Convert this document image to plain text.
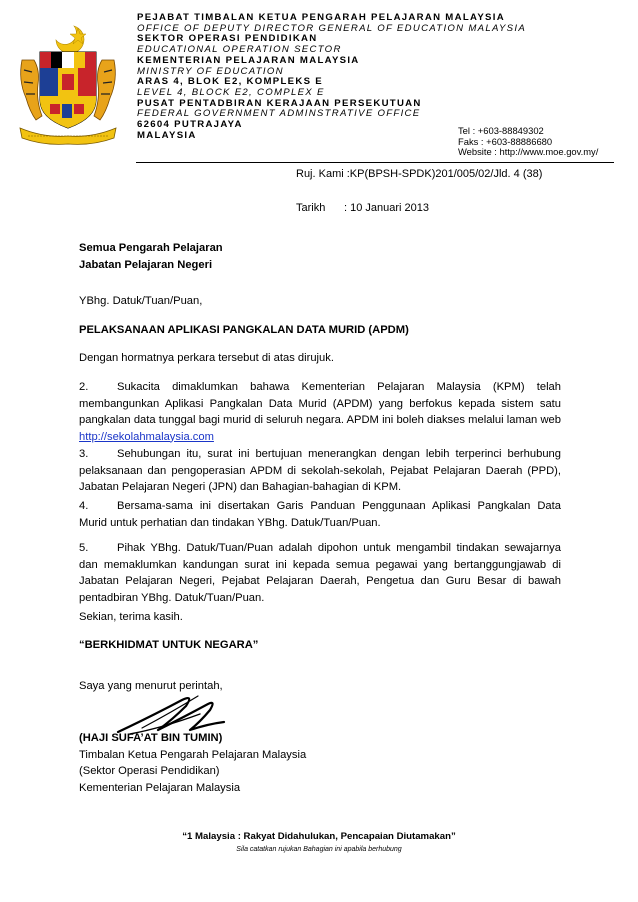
PEJABAT TIMBALAN KETUA PENGARAH PELAJARAN MALAYSIA
OFFICE OF DEPUTY DIRECTOR GENERAL OF EDUCATION MALAYSIA
SEKTOR OPERASI PENDIDIKAN
EDUCATIONAL OPERATION SECTOR
KEMENTERIAN PELAJARAN MALAYSIA
MINISTRY OF EDUCATION
ARAS 4, BLOK E2, KOMPLEKS E
LEVEL 4, BLOCK E2, COMPLEX E
PUSAT PENTADBIRAN KERAJAAN PERSEKUTUAN
FEDERAL GOVERNMENT ADMINSTRATIVE OFFICE
62604 PUTRAJAYA
MALAYSIA	Tel : +603-88849302
Faks : +603-88886680
Website : http://www.moe.gov.my/
Ruj. Kami :KP(BPSH-SPDK)201/005/02/Jld. 4 (38)
Tarikh : 10 Januari 2013
Semua Pengarah Pelajaran
Jabatan Pelajaran Negeri
YBhg. Datuk/Tuan/Puan,
PELAKSANAAN APLIKASI PANGKALAN DATA MURID (APDM)
Dengan hormatnya perkara tersebut di atas dirujuk.
2.	Sukacita dimaklumkan bahawa Kementerian Pelajaran Malaysia (KPM) telah membangunkan Aplikasi Pangkalan Data Murid (APDM) yang berfokus kepada sistem satu pangkalan data tunggal bagi murid di seluruh negara. APDM ini boleh diakses melalui laman web http://sekolahmalaysia.com
3.	Sehubungan itu, surat ini bertujuan menerangkan dengan lebih terperinci berhubung pelaksanaan dan pengoperasian APDM di sekolah-sekolah, Pejabat Pelajaran Daerah (PPD), Jabatan Pelajaran Negeri (JPN) dan Bahagian-bahagian di KPM.
4.	Bersama-sama ini disertakan Garis Panduan Penggunaan Aplikasi Pangkalan Data Murid untuk perhatian dan tindakan YBhg. Datuk/Tuan/Puan.
5.	Pihak YBhg. Datuk/Tuan/Puan adalah dipohon untuk mengambil tindakan sewajarnya dan memaklumkan kandungan surat ini kepada semua pegawai yang bertanggungjawab di Jabatan Pelajaran Negeri, Pejabat Pelajaran Daerah, Pengetua dan Guru Besar di bawah pentadbiran YBhg. Datuk/Tuan/Puan.
Sekian, terima kasih.
“BERKHIDMAT UNTUK NEGARA”
Saya yang menurut perintah,
(HAJI SUFA’AT BIN TUMIN)
Timbalan Ketua Pengarah Pelajaran Malaysia
(Sektor Operasi Pendidikan)
Kementerian Pelajaran Malaysia
“1 Malaysia : Rakyat Didahulukan, Pencapaian Diutamakan”
Sila catatkan rujukan Bahagian ini apabila berhubung
